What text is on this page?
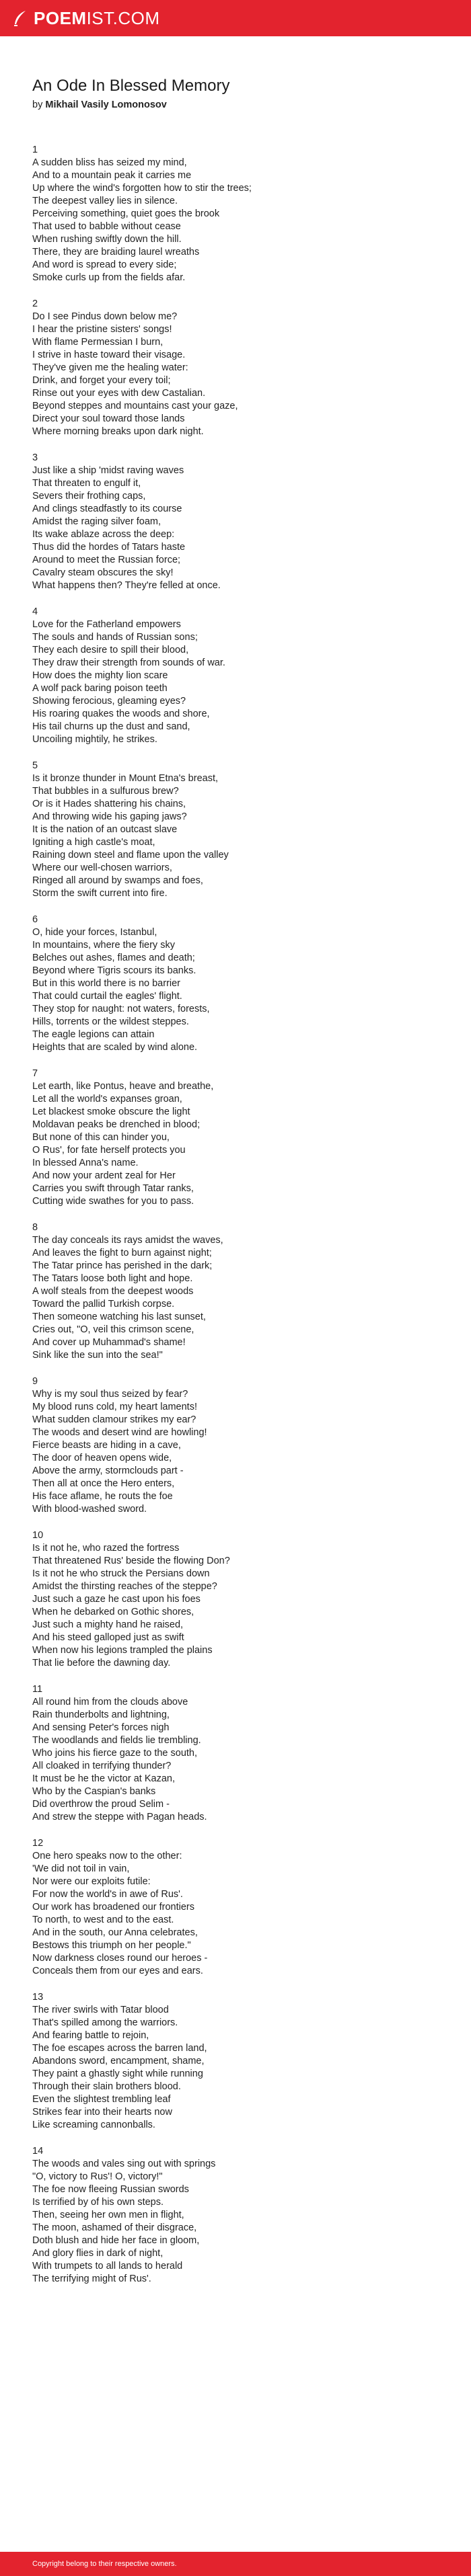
POEM IST.COM
An Ode In Blessed Memory
by Mikhail Vasily Lomonosov
1
A sudden bliss has seized my mind,
And to a mountain peak it carries me
Up where the wind's forgotten how to stir the trees;
The deepest valley lies in silence.
Perceiving something, quiet goes the brook
That used to babble without cease
When rushing swiftly down the hill.
There, they are braiding laurel wreaths
And word is spread to every side;
Smoke curls up from the fields afar.
2
Do I see Pindus down below me?
I hear the pristine sisters' songs!
With flame Permessian I burn,
I strive in haste toward their visage.
They've given me the healing water:
Drink, and forget your every toil;
Rinse out your eyes with dew Castalian.
Beyond steppes and mountains cast your gaze,
Direct your soul toward those lands
Where morning breaks upon dark night.
3
Just like a ship 'midst raving waves
That threaten to engulf it,
Severs their frothing caps,
And clings steadfastly to its course
Amidst the raging silver foam,
Its wake ablaze across the deep:
Thus did the hordes of Tatars haste
Around to meet the Russian force;
Cavalry steam obscures the sky!
What happens then? They're felled at once.
4
Love for the Fatherland empowers
The souls and hands of Russian sons;
They each desire to spill their blood,
They draw their strength from sounds of war.
How does the mighty lion scare
A wolf pack baring poison teeth
Showing ferocious, gleaming eyes?
His roaring quakes the woods and shore,
His tail churns up the dust and sand,
Uncoiling mightily, he strikes.
5
Is it bronze thunder in Mount Etna's breast,
That bubbles in a sulfurous brew?
Or is it Hades shattering his chains,
And throwing wide his gaping jaws?
It is the nation of an outcast slave
Igniting a high castle's moat,
Raining down steel and flame upon the valley
Where our well-chosen warriors,
Ringed all around by swamps and foes,
Storm the swift current into fire.
6
O, hide your forces, Istanbul,
In mountains, where the fiery sky
Belches out ashes, flames and death;
Beyond where Tigris scours its banks.
But in this world there is no barrier
That could curtail the eagles' flight.
They stop for naught: not waters, forests,
Hills, torrents or the wildest steppes.
The eagle legions can attain
Heights that are scaled by wind alone.
7
Let earth, like Pontus, heave and breathe,
Let all the world's expanses groan,
Let blackest smoke obscure the light
Moldavan peaks be drenched in blood;
But none of this can hinder you,
O Rus', for fate herself protects you
In blessed Anna's name.
And now your ardent zeal for Her
Carries you swift through Tatar ranks,
Cutting wide swathes for you to pass.
8
The day conceals its rays amidst the waves,
And leaves the fight to burn against night;
The Tatar prince has perished in the dark;
The Tatars loose both light and hope.
A wolf steals from the deepest woods
Toward the pallid Turkish corpse.
Then someone watching his last sunset,
Cries out, "O, veil this crimson scene,
And cover up Muhammad's shame!
Sink like the sun into the sea!"
9
Why is my soul thus seized by fear?
My blood runs cold, my heart laments!
What sudden clamour strikes my ear?
The woods and desert wind are howling!
Fierce beasts are hiding in a cave,
The door of heaven opens wide,
Above the army, stormclouds part -
Then all at once the Hero enters,
His face aflame, he routs the foe
With blood-washed sword.
10
Is it not he, who razed the fortress
That threatened Rus' beside the flowing Don?
Is it not he who struck the Persians down
Amidst the thirsting reaches of the steppe?
Just such a gaze he cast upon his foes
When he debarked on Gothic shores,
Just such a mighty hand he raised,
And his steed galloped just as swift
When now his legions trampled the plains
That lie before the dawning day.
11
All round him from the clouds above
Rain thunderbolts and lightning,
And sensing Peter's forces nigh
The woodlands and fields lie trembling.
Who joins his fierce gaze to the south,
All cloaked in terrifying thunder?
It must be he the victor at Kazan,
Who by the Caspian's banks
Did overthrow the proud Selim -
And strew the steppe with Pagan heads.
12
One hero speaks now to the other:
'We did not toil in vain,
Nor were our exploits futile:
For now the world's in awe of Rus'.
Our work has broadened our frontiers
To north, to west and to the east.
And in the south, our Anna celebrates,
Bestows this triumph on her people."
Now darkness closes round our heroes -
Conceals them from our eyes and ears.
13
The river swirls with Tatar blood
That's spilled among the warriors.
And fearing battle to rejoin,
The foe escapes across the barren land,
Abandons sword, encampment, shame,
They paint a ghastly sight while running
Through their slain brothers blood.
Even the slightest trembling leaf
Strikes fear into their hearts now
Like screaming cannonballs.
14
The woods and vales sing out with springs
"O, victory to Rus'! O, victory!"
The foe now fleeing Russian swords
Is terrified by of his own steps.
Then, seeing her own men in flight,
The moon, ashamed of their disgrace,
Doth blush and hide her face in gloom,
And glory flies in dark of night,
With trumpets to all lands to herald
The terrifying might of Rus'.
Copyright belong to their respective owners.
